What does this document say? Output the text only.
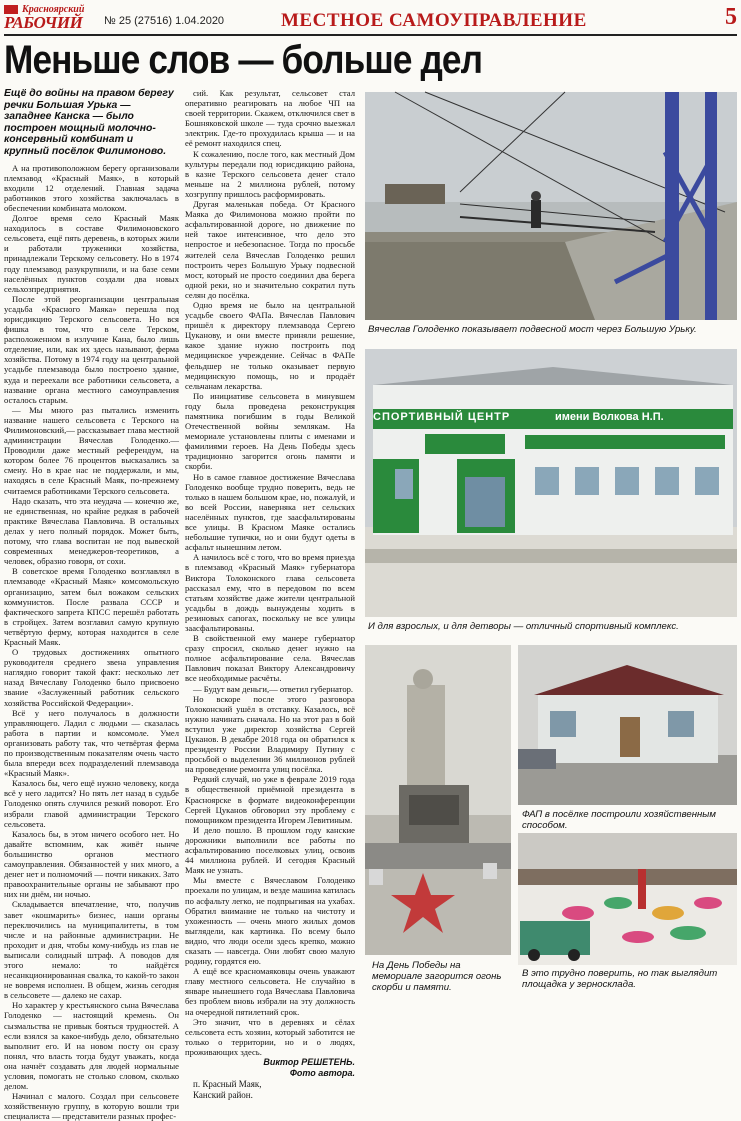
Красноярский
РАБОЧИЙ № 25 (27516) 1.04.2020	МЕСТНОЕ САМОУПРАВЛЕНИЕ	5
Меньше слов — больше дел
Ещё до войны на правом берегу речки Большая Урька — западнее Канска — было построен мощный молочно-консервный комбинат и крупный посёлок Филимоново.

А на противоположном берегу организовали племзавод «Красный Маяк», в который входили 12 отделений. Главная задача работников этого хозяйства заключалась в обеспечении комбината молоком.

Долгое время село Красный Маяк находилось в составе Филимоновского сельсовета, ещё пять деревень, в которых жили и работали труженики хозяйства, принадлежали Терскому сельсовету. Но в 1974 году племзавод разукрупнили, и на базе семи населённых пунктов создали два новых сельхозпредприятия.

После этой реорганизации центральная усадьба «Красного Маяка» перешла под юрисдикцию Терского сельсовета. Но вся фишка в том, что в селе Терском, расположенном в излучине Кана, было лишь отделение, или, как их здесь называют, ферма хозяйства. Потому в 1974 году на центральной усадьбе племзавода было построено здание, куда и переехали все работники сельсовета, а название органа местного самоуправления осталось старым.

— Мы много раз пытались изменить название нашего сельсовета с Терского на Филимоновский,— рассказывает глава местной администрации Вячеслав Голоденко.— Проводили даже местный референдум, на котором более 76 процентов высказались за смену. Но в крае нас не поддержали, и мы, находясь в селе Красный Маяк, по-прежнему считаемся работниками Терского сельсовета.

Надо сказать, что эта неудача — конечно же, не единственная, но крайне редкая в рабочей практике Вячеслава Павловича. В остальных делах у него полный порядок. Может быть, потому, что глава воспитан не под вывеской современных менеджеров-теоретиков, а человек, образно говоря, от сохи.

В советское время Голоденко возглавлял в племзаводе «Красный Маяк» комсомольскую организацию, затем был вожаком сельских коммунистов. После развала СССР и фактического запрета КПСС перешёл работать в стройцех. Затем возглавил самую крупную четвёртую ферму, которая находится в селе Красный Маяк.

О трудовых достижениях опытного руководителя среднего звена управления наглядно говорит такой факт: несколько лет назад Вячеславу Голоденко было присвоено звание «Заслуженный работник сельского хозяйства Российской Федерации».

Всё у него получалось в должности управляющего. Ладил с людьми — сказалась работа в партии и комсомоле. Умел организовать работу так, что четвёртая ферма по производственным показателям очень часто была впереди всех подразделений племзавода «Красный Маяк».

Казалось бы, чего ещё нужно человеку, когда всё у него ладится? Но пять лет назад в судьбе Голоденко опять случился резкий поворот. Его избрали главой администрации Терского сельсовета.

Казалось бы, в этом ничего особого нет. Но давайте вспомним, как живёт нынче большинство органов местного самоуправления. Обязанностей у них много, а денег нет и полномочий — почти никаких. Зато правоохранительные органы не забывают про них ни днём, ни ночью.

Складывается впечатление, что, получив завет «кошмарить» бизнес, наши органы переключились на муниципалитеты, в том числе и на районные администрации. Не проходит и дня, чтобы кому-нибудь из глав не выписали солидный штраф. А поводов для этого немало: то найдётся несанкционированная свалка, то какой-то закон не вовремя исполнен. В общем, жизнь сегодня в сельсовете — далеко не сахар.

Но характер у крестьянского сына Вячеслава Голоденко — настоящий кремень. Он сызмальства не привык бояться трудностей. А если взялся за какое-нибудь дело, обязательно выполнит его. И на новом посту он сразу понял, что власть тогда будут уважать, когда она начнёт создавать для людей нормальные условия, помогать не столько словом, сколько делом.

Начинал с малого. Создал при сельсовете хозяйственную группу, в которую вошли три специалиста — представители разных профес-

сий. Как результат, сельсовет стал оперативно реагировать на любое ЧП на своей территории. Скажем, отключился свет в Бошняковской школе — туда срочно выезжал электрик. Где-то прохудилась крыша — и на её ремонт находился спец.

К сожалению, после того, как местный Дом культуры передали под юрисдикцию района, в казне Терского сельсовета денег стало меньше на 2 миллиона рублей, потому хозгруппу пришлось расформировать.

Другая маленькая победа. От Красного Маяка до Филимонова можно пройти по асфальтированной дороге, но движение по ней такое интенсивное, что дело это непростое и небезопасное. Тогда по просьбе жителей села Вячеслав Голоденко решил построить через Большую Урьку подвесной мост, который не просто соединил два берега одной реки, но и значительно сократил путь селян до посёлка.

Одно время не было на центральной усадьбе своего ФАПа. Вячеслав Павлович пришёл к директору племзавода Сергею Цуканову, и они вместе приняли решение, какое здание нужно построить под медицинское учреждение. Сейчас в ФАПе фельдшер не только оказывает первую медицинскую помощь, но и продаёт сельчанам лекарства.

По инициативе сельсовета в минувшем году была проведена реконструкция памятника погибшим в годы Великой Отечественной войны землякам. На мемориале установлены плиты с именами и фамилиями героев. На День Победы здесь традиционно загорится огонь памяти и скорби.

Но в самое главное достижение Вячеслава Голоденко вообще трудно поверить, ведь не только в нашем большом крае, но, пожалуй, и во всей России, наверняка нет сельских населённых пунктов, где заасфальтированы все улицы. В Красном Маяке остались небольшие тупички, но и они будут одеты в асфальт нынешним летом.

А начилось всё с того, что во время приезда в племзавод «Красный Маяк» губернатора Виктора Толоконского глава сельсовета рассказал ему, что в передовом по всем статьям хозяйстве даже жители центральной усадьбы в дождь вынуждены ходить в резиновых сапогах, поскольку не все улицы заасфальтированы.

В свойственной ему манере губернатор сразу спросил, сколько денег нужно на полное асфальтирование села. Вячеслав Павлович показал Виктору Александровичу все необходимые расчёты.

— Будут вам деньги,— ответил губернатор.

Но вскоре после этого разговора Толоконский ушёл в отставку. Казалось, всё нужно начинать сначала. Но на этот раз в бой вступил уже директор хозяйства Сергей Цуканов. В декабре 2018 года он обратился к президенту России Владимиру Путину с просьбой о выделении 36 миллионов рублей на проведение ремонта улиц посёлка.

Редкий случай, но уже в феврале 2019 года в общественной приёмной президента в Красноярске в формате видеоконференции Сергей Цуканов обговорил эту проблему с помощником президента Игорем Левитиным.

И дело пошло. В прошлом году канские дорожники выполнили все работы по асфальтированию поселковых улиц, освоив 44 миллиона рублей. И сегодня Красный Маяк не узнать.

Мы вместе с Вячеславом Голоденко проехали по улицам, и везде машина катилась по асфальту легко, не подпрыгивая на ухабах. Обратил внимание не только на чистоту и ухоженность — очень много жилых домов выглядели, как картинка. По всему было видно, что люди осели здесь крепко, можно сказать — навсегда. Они любят свою малую родину, гордятся ею.

А ещё все красномаяковцы очень уважают главу местного сельсовета. Не случайно в январе нынешнего года Вячеслава Павловича без проблем вновь избрали на эту должность на очередной пятилетний срок.

Это значит, что в деревнях и сёлах сельсовета есть хозяин, который заботится не только о территории, но и о людях, проживающих здесь.

Виктор РЕШЕТЕНЬ.

Фото автора.

п. Красный Маяк,

Канский район.

Вячеслав Голоденко показывает подвесной мост через Большую Урьку.
СПОРТИВНЫЙ ЦЕНТР	имени Волкова Н.П.
И для взрослых, и для детворы — отличный спортивный комплекс.
На День Победы на мемориале загорится огонь скорби и памяти.
ФАП в посёлке построили хозяйственным способом.
В это трудно поверить, но так выглядит площадка у зерносклада.
